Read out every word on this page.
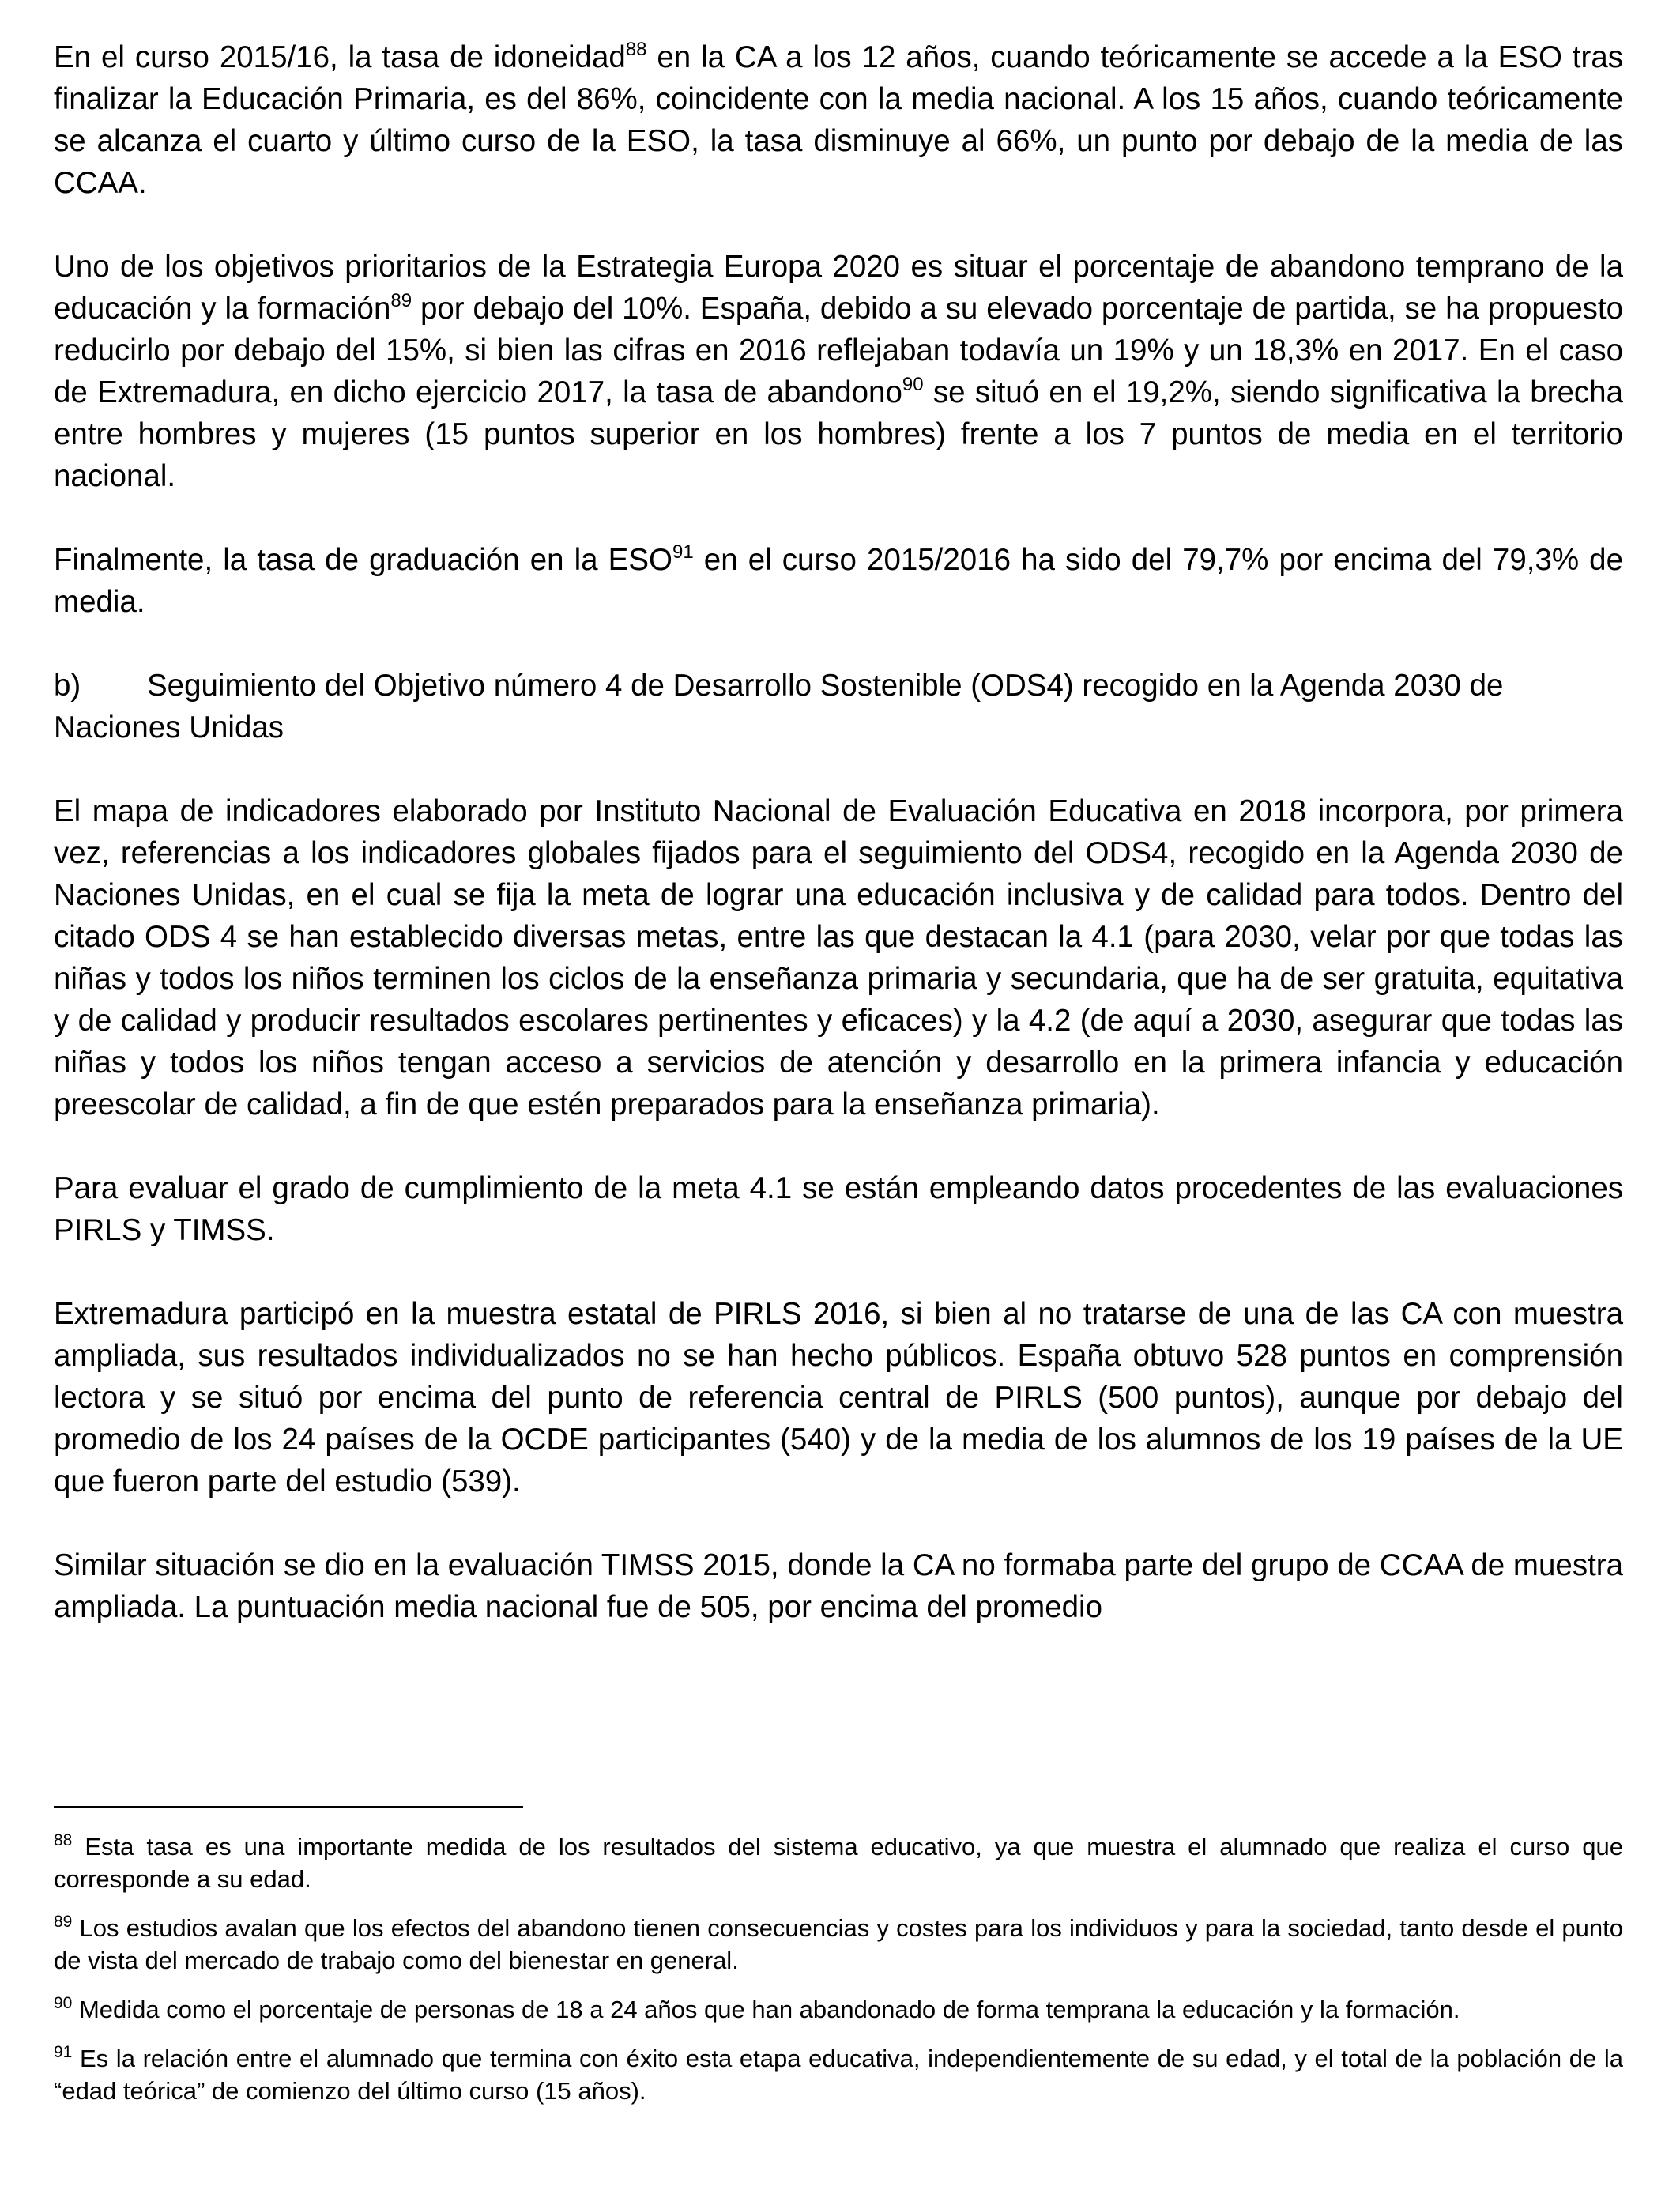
En el curso 2015/16, la tasa de idoneidad$^{88}$ en la CA a los 12 años, cuando teóricamente se accede a la ESO tras finalizar la Educación Primaria, es del 86%, coincidente con la media nacional. A los 15 años, cuando teóricamente se alcanza el cuarto y último curso de la ESO, la tasa disminuye al 66%, un punto por debajo de la media de las CCAA.

Uno de los objetivos prioritarios de la Estrategia Europa 2020 es situar el porcentaje de abandono temprano de la educación y la formación$^{89}$ por debajo del 10%. España, debido a su elevado porcentaje de partida, se ha propuesto reducirlo por debajo del 15%, si bien las cifras en 2016 reflejaban todavía un 19% y un 18,3% en 2017. En el caso de Extremadura, en dicho ejercicio 2017, la tasa de abandono$^{90}$ se situó en el 19,2%, siendo significativa la brecha entre hombres y mujeres (15 puntos superior en los hombres) frente a los 7 puntos de media en el territorio nacional.

Finalmente, la tasa de graduación en la ESO$^{91}$ en el curso 2015/2016 ha sido del 79,7% por encima del 79,3% de media.

b) Seguimiento del Objetivo número 4 de Desarrollo Sostenible (ODS4) recogido en la Agenda 2030 de Naciones Unidas

El mapa de indicadores elaborado por Instituto Nacional de Evaluación Educativa en 2018 incorpora, por primera vez, referencias a los indicadores globales fijados para el seguimiento del ODS4, recogido en la Agenda 2030 de Naciones Unidas, en el cual se fija la meta de lograr una educación inclusiva y de calidad para todos. Dentro del citado ODS 4 se han establecido diversas metas, entre las que destacan la 4.1 (para 2030, velar por que todas las niñas y todos los niños terminen los ciclos de la enseñanza primaria y secundaria, que ha de ser gratuita, equitativa y de calidad y producir resultados escolares pertinentes y eficaces) y la 4.2 (de aquí a 2030, asegurar que todas las niñas y todos los niños tengan acceso a servicios de atención y desarrollo en la primera infancia y educación preescolar de calidad, a fin de que estén preparados para la enseñanza primaria).

Para evaluar el grado de cumplimiento de la meta 4.1 se están empleando datos procedentes de las evaluaciones PIRLS y TIMSS.

Extremadura participó en la muestra estatal de PIRLS 2016, si bien al no tratarse de una de las CA con muestra ampliada, sus resultados individualizados no se han hecho públicos. España obtuvo 528 puntos en comprensión lectora y se situó por encima del punto de referencia central de PIRLS (500 puntos), aunque por debajo del promedio de los 24 países de la OCDE participantes (540) y de la media de los alumnos de los 19 países de la UE que fueron parte del estudio (539).

Similar situación se dio en la evaluación TIMSS 2015, donde la CA no formaba parte del grupo de CCAA de muestra ampliada. La puntuación media nacional fue de 505, por encima del promedio

$^{88}$ Esta tasa es una importante medida de los resultados del sistema educativo, ya que muestra el alumnado que realiza el curso que corresponde a su edad.

$^{89}$ Los estudios avalan que los efectos del abandono tienen consecuencias y costes para los individuos y para la sociedad, tanto desde el punto de vista del mercado de trabajo como del bienestar en general.

$^{90}$ Medida como el porcentaje de personas de 18 a 24 años que han abandonado de forma temprana la educación y la formación.

$^{91}$ Es la relación entre el alumnado que termina con éxito esta etapa educativa, independientemente de su edad, y el total de la población de la “edad teórica” de comienzo del último curso (15 años).
